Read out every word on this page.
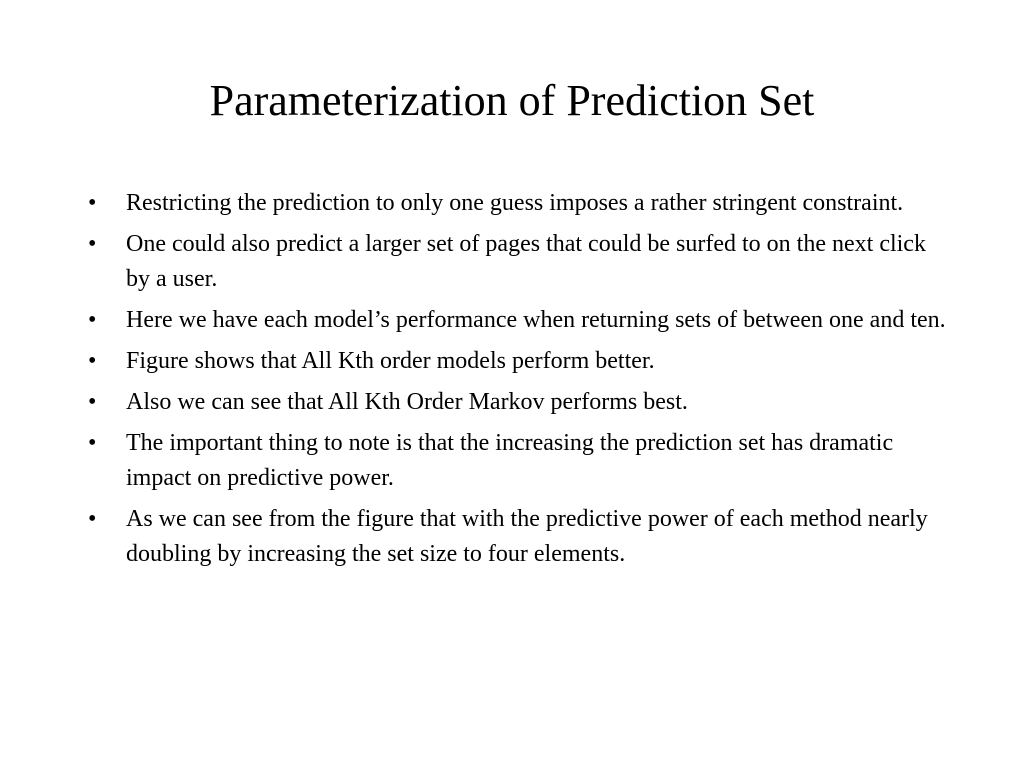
Parameterization of Prediction Set
•	Restricting the prediction to only one guess imposes a rather stringent constraint.
•	One could also predict a larger set of pages that could be surfed to on the next click by a user.
•	Here we have each model’s performance when returning sets of between one and ten.
•	Figure shows that All Kth order models perform better.
•	Also we can see that All Kth Order Markov performs best.
•	The important thing to note is that the increasing the prediction set has dramatic impact on predictive power.
•	As we can see from the figure that with the predictive power of each method nearly doubling by increasing the set size to four elements.
